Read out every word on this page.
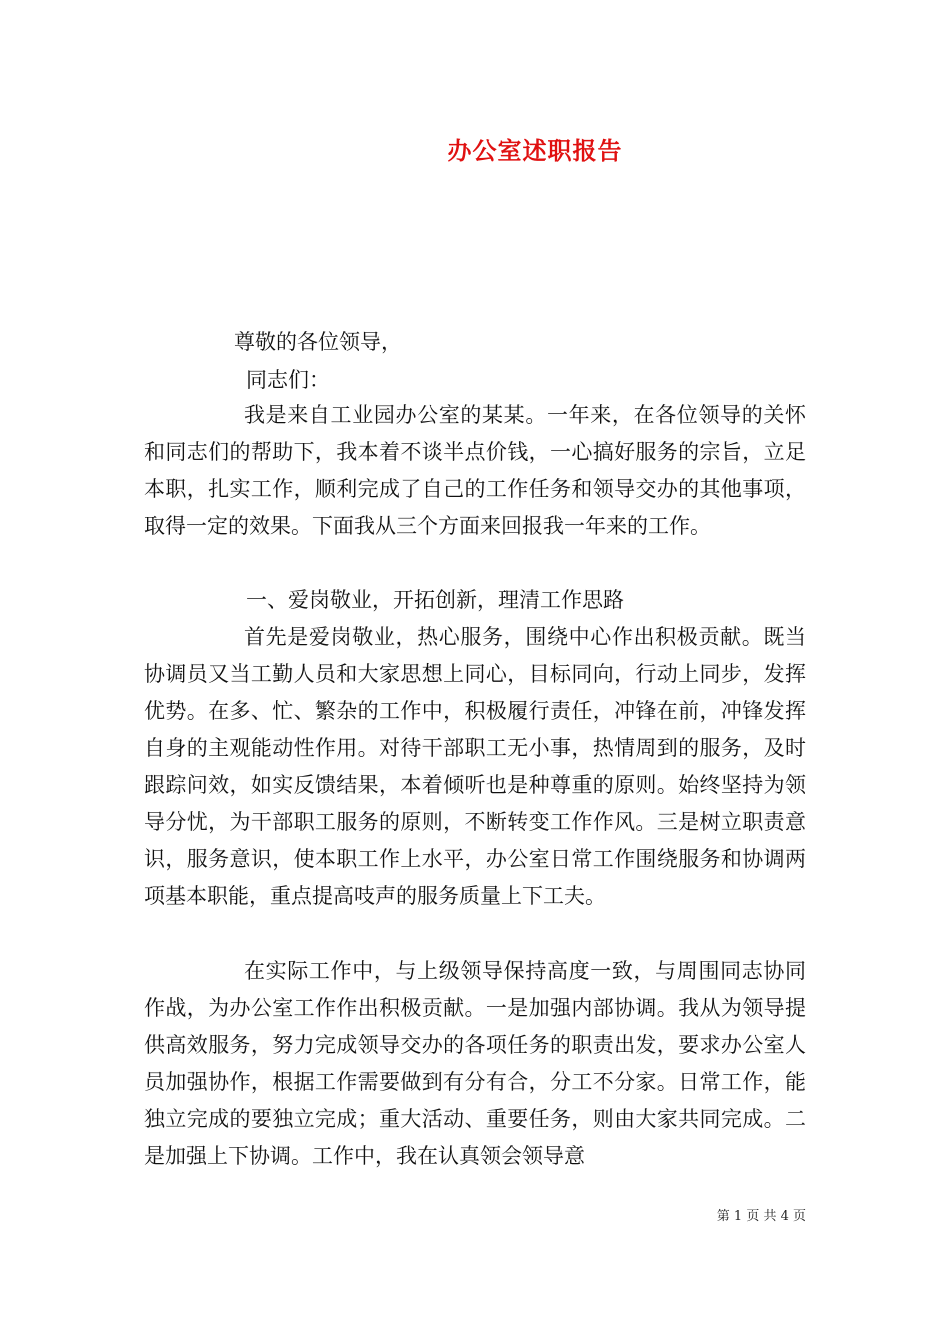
办公室述职报告
尊敬的各位领导，
同志们：
我是来自工业园办公室的某某。一年来，在各位领导的关怀和同志们的帮助下，我本着不谈半点价钱，一心搞好服务的宗旨，立足本职，扎实工作，顺利完成了自己的工作任务和领导交办的其他事项，取得一定的效果。下面我从三个方面来回报我一年来的工作。
一、爱岗敬业，开拓创新，理清工作思路
首先是爱岗敬业，热心服务，围绕中心作出积极贡献。既当协调员又当工勤人员和大家思想上同心，目标同向，行动上同步，发挥优势。在多、忙、繁杂的工作中，积极履行责任，冲锋在前，冲锋发挥自身的主观能动性作用。对待干部职工无小事，热情周到的服务，及时跟踪问效，如实反馈结果，本着倾听也是种尊重的原则。始终坚持为领导分忧，为干部职工服务的原则，不断转变工作作风。三是树立职责意识，服务意识，使本职工作上水平，办公室日常工作围绕服务和协调两项基本职能，重点提高吱声的服务质量上下工夫。
在实际工作中，与上级领导保持高度一致，与周围同志协同作战，为办公室工作作出积极贡献。一是加强内部协调。我从为领导提供高效服务，努力完成领导交办的各项任务的职责出发，要求办公室人员加强协作，根据工作需要做到有分有合，分工不分家。日常工作，能独立完成的要独立完成；重大活动、重要任务，则由大家共同完成。二是加强上下协调。工作中，我在认真领会领导意
第 1 页 共 4 页
